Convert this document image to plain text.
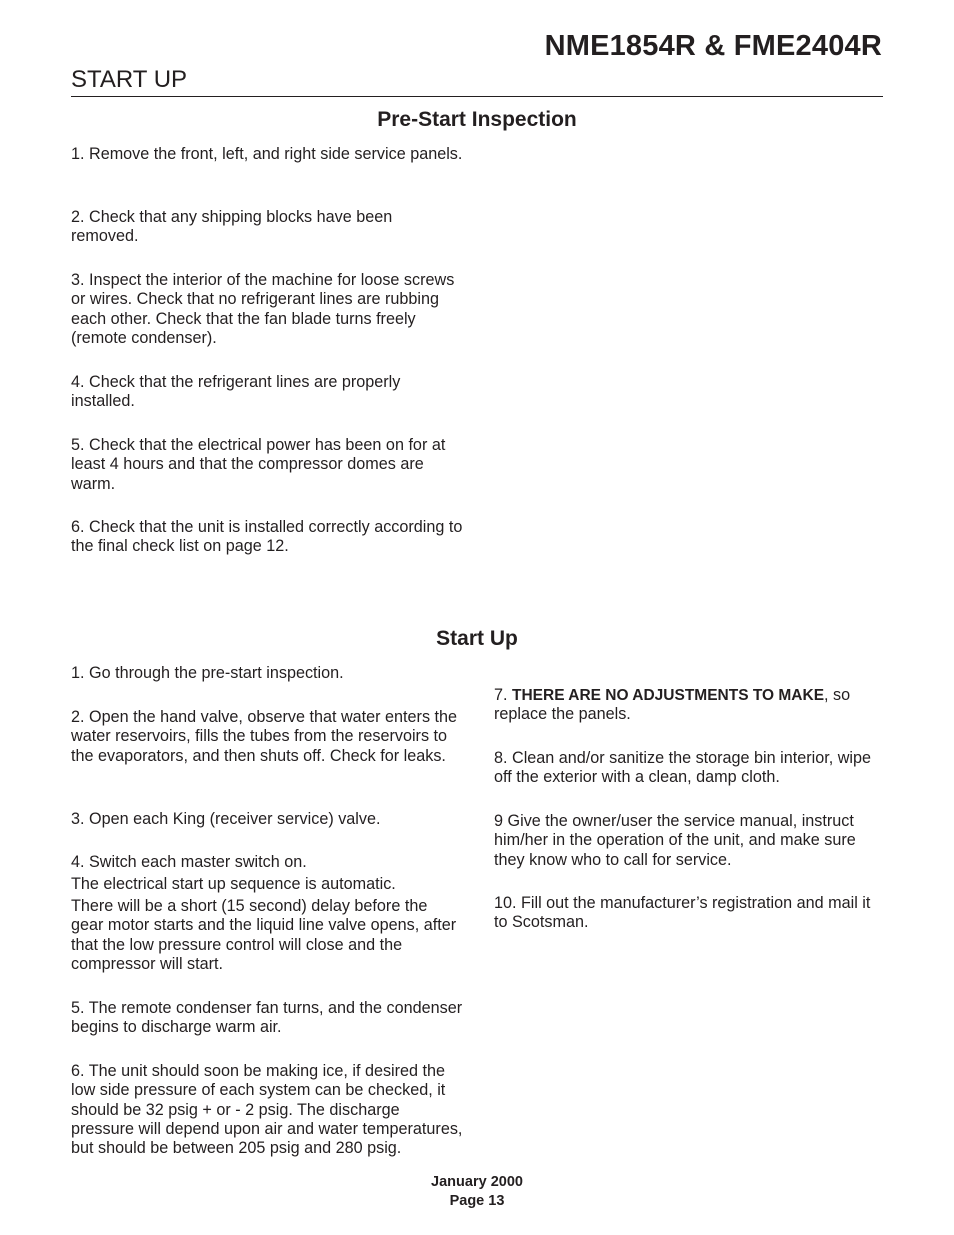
NME1854R & FME2404R
START UP
Pre-Start Inspection
1. Remove the front, left, and right side service panels.
2. Check that any shipping blocks have been removed.
3. Inspect the interior of the machine for loose screws or wires. Check that no refrigerant lines are rubbing each other. Check that the fan blade turns freely (remote condenser).
4. Check that the refrigerant lines are properly installed.
5. Check that the electrical power has been on for at least 4 hours and that the compressor domes are warm.
6. Check that the unit is installed correctly according to the final check list on page 12.
Start Up
1. Go through the pre-start inspection.
2. Open the hand valve, observe that water enters the water reservoirs, fills the tubes from the reservoirs to the evaporators, and then shuts off. Check for leaks.
3. Open each King (receiver service) valve.
4. Switch each master switch on.
The electrical start up sequence is automatic.
There will be a short (15 second) delay before the gear motor starts and the liquid line valve opens, after that the low pressure control will close and the compressor will start.
5. The remote condenser fan turns, and the condenser begins to discharge warm air.
6. The unit should soon be making ice, if desired the low side pressure of each system can be checked, it should be 32 psig + or - 2 psig. The discharge pressure will depend upon air and water temperatures, but should be between 205 psig and 280 psig.
7. THERE ARE NO ADJUSTMENTS TO MAKE, so replace the panels.
8. Clean and/or sanitize the storage bin interior, wipe off the exterior with a clean, damp cloth.
9 Give the owner/user the service manual, instruct him/her in the operation of the unit, and make sure they know who to call for service.
10. Fill out the manufacturer’s registration and mail it to Scotsman.
January 2000
Page 13
